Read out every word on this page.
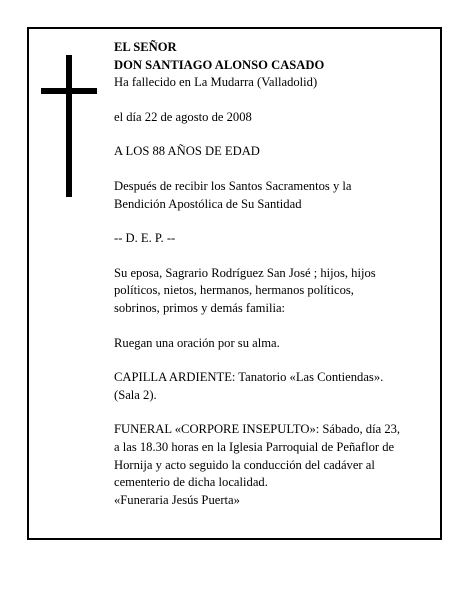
EL SEÑOR

DON SANTIAGO ALONSO CASADO

Ha fallecido en La Mudarra (Valladolid)

el día 22 de agosto de 2008

A LOS 88 AÑOS DE EDAD

Después de recibir los Santos Sacramentos y la

Bendición Apostólica de Su Santidad

-- D. E. P. --

Su eposa, Sagrario Rodríguez San José ; hijos, hijos

políticos, nietos, hermanos, hermanos políticos,

sobrinos, primos y demás familia:

Ruegan una oración por su alma.

CAPILLA ARDIENTE: Tanatorio «Las Contiendas».

(Sala 2).

FUNERAL «CORPORE INSEPULTO»: Sábado, día 23,

a las 18.30 horas en la Iglesia Parroquial de Peñaflor de

Hornija y acto seguido la conducción del cadáver al

cementerio de dicha localidad.

«Funeraria Jesús Puerta»
